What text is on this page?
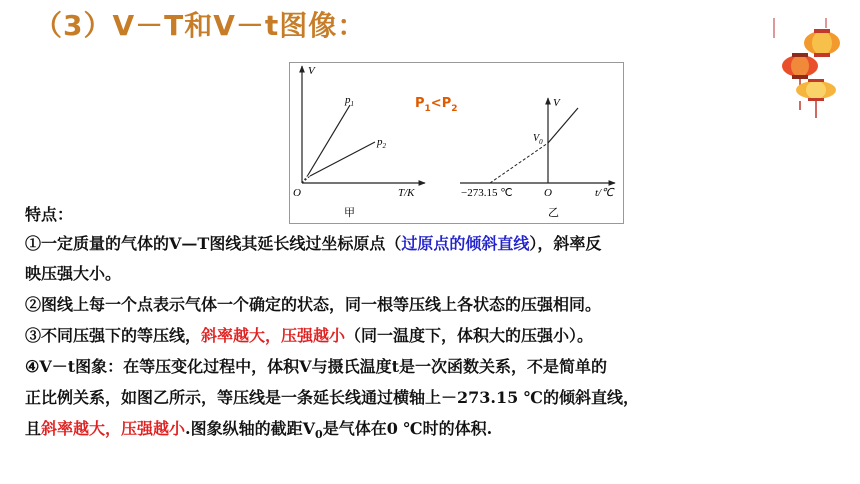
（3）V－T和V－t图像：
V
O	T/K
$p_1$
$p_2$
甲
$P_1<P_2$	V
$V_0$
O
−273.15 ℃	t/℃
乙
特点：
①一定质量的气体的V—T图线其延长线过坐标原点（过原点的倾斜直线），斜率反
映压强大小。
②图线上每一个点表示气体一个确定的状态，同一根等压线上各状态的压强相同。
③不同压强下的等压线，斜率越大，压强越小（同一温度下，体积大的压强小）。
④V－t图象：在等压变化过程中，体积V与摄氏温度t是一次函数关系，不是简单的
正比例关系，如图乙所示，等压线是一条延长线通过横轴上－273.15 ℃的倾斜直线，
且斜率越大，压强越小.图象纵轴的截距$V_0$是气体在0 ℃时的体积.
